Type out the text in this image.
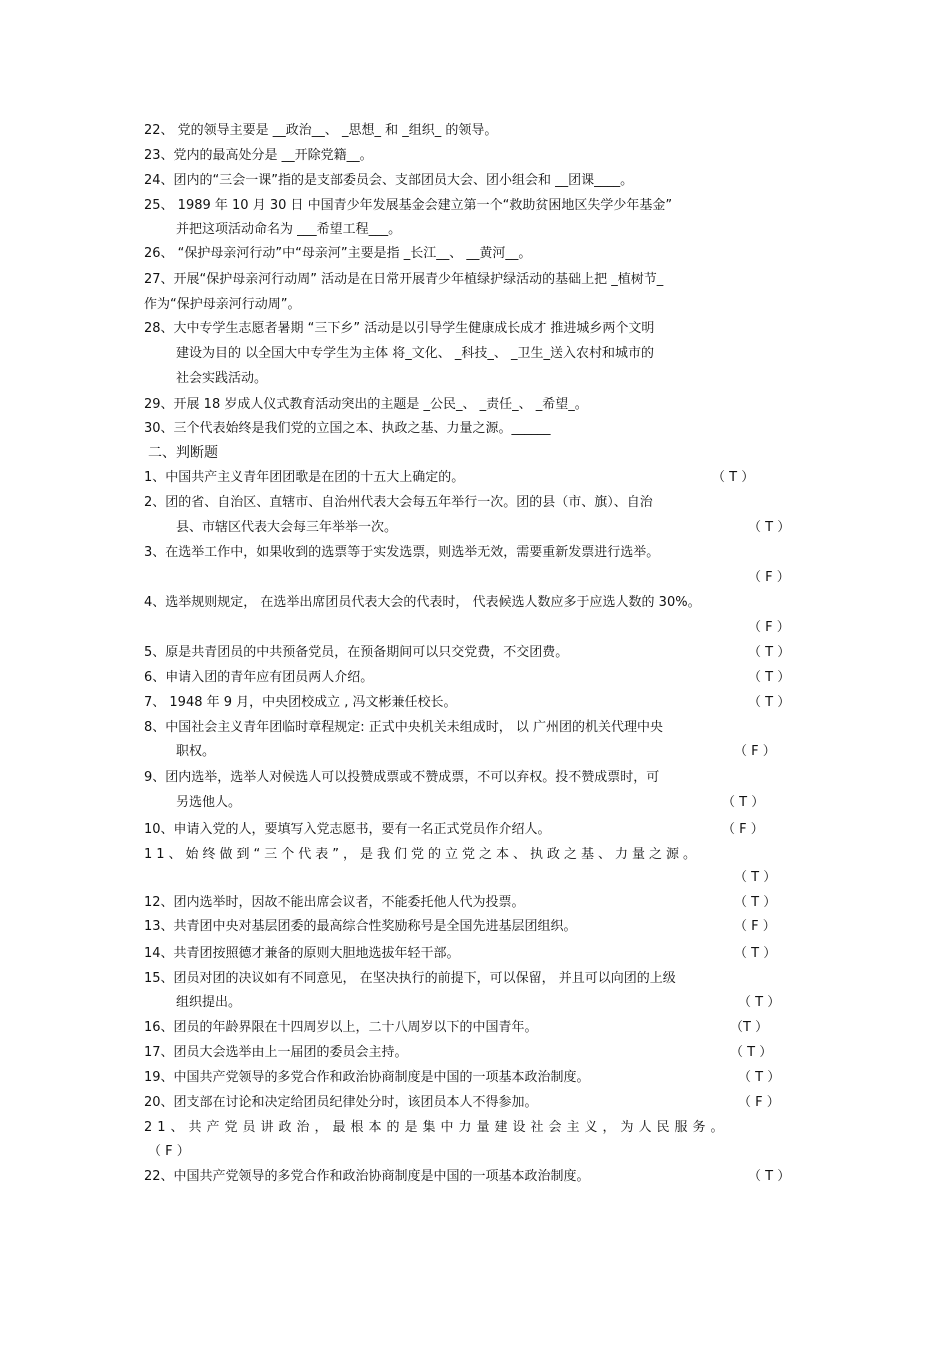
22、 党的领导主要是 __政治__、 _思想_ 和 _组织_ 的领导。
23、党内的最高处分是 __开除党籍__。
24、团内的“三会一课”指的是支部委员会、支部团员大会、团小组会和 __团课____。
25、 1989 年 10 月 30 日 中国青少年发展基金会建立第一个“救助贫困地区失学少年基金”
并把这项活动命名为 ___希望工程___。
26、 “保护母亲河行动”中“母亲河”主要是指 _长江__、 __黄河__。
27、开展“保护母亲河行动周” 活动是在日常开展青少年植绿护绿活动的基础上把 _植树节_
作为“保护母亲河行动周”。
28、大中专学生志愿者暑期 “三下乡” 活动是以引导学生健康成长成才 推进城乡两个文明
建设为目的 以全国大中专学生为主体 将_文化、 _科技_、 _卫生_送入农村和城市的
社会实践活动。
29、开展 18 岁成人仪式教育活动突出的主题是 _公民_、 _责任_、 _希望_。
30、三个代表始终是我们党的立国之本、执政之基、力量之源。______
二、判断题
1、中国共产主义青年团团歌是在团的十五大上确定的。	（ T ）
2、团的省、自治区、直辖市、自治州代表大会每五年举行一次。团的县（市、旗）、自治
县、市辖区代表大会每三年举举一次。	（ T ）
3、在选举工作中，如果收到的选票等于实发选票，则选举无效，需要重新发票进行选举。
（ F ）
4、选举规则规定， 在选举出席团员代表大会的代表时， 代表候选人数应多于应选人数的 30%。
（ F ）
5、原是共青团员的中共预备党员，在预备期间可以只交党费，不交团费。	（ T ）
6、申请入团的青年应有团员两人介绍。	（ T ）
7、 1948 年 9 月，中央团校成立 , 冯文彬兼任校长。	（ T ）
8、中国社会主义青年团临时章程规定: 正式中央机关未组成时， 以 广州团的机关代理中央
职权。	（ F ）
9、团内选举，选举人对候选人可以投赞成票或不赞成票，不可以弃权。投不赞成票时，可
另选他人。	（ T ）
10、申请入党的人，要填写入党志愿书，要有一名正式党员作介绍人。	（ F ）
11、始终做到“三个代表”，是我们党的立党之本、执政之基、力量之源。
（ T ）
12、团内选举时，因故不能出席会议者，不能委托他人代为投票。	（ T ）
13、共青团中央对基层团委的最高综合性奖励称号是全国先进基层团组织。	（ F ）
14、共青团按照德才兼备的原则大胆地选拔年轻干部。	（ T ）
15、团员对团的决议如有不同意见， 在坚决执行的前提下，可以保留， 并且可以向团的上级
组织提出。	（ T ）
16、团员的年龄界限在十四周岁以上，二十八周岁以下的中国青年。	（T ）
17、团员大会选举由上一届团的委员会主持。	（ T ）
19、中国共产党领导的多党合作和政治协商制度是中国的一项基本政治制度。	（ T ）
20、团支部在讨论和决定给团员纪律处分时，该团员本人不得参加。	（ F ）
21、共产党员讲政治，最根本的是集中力量建设社会主义，为人民服务。
（ F ）
22、中国共产党领导的多党合作和政治协商制度是中国的一项基本政治制度。	（ T ）
